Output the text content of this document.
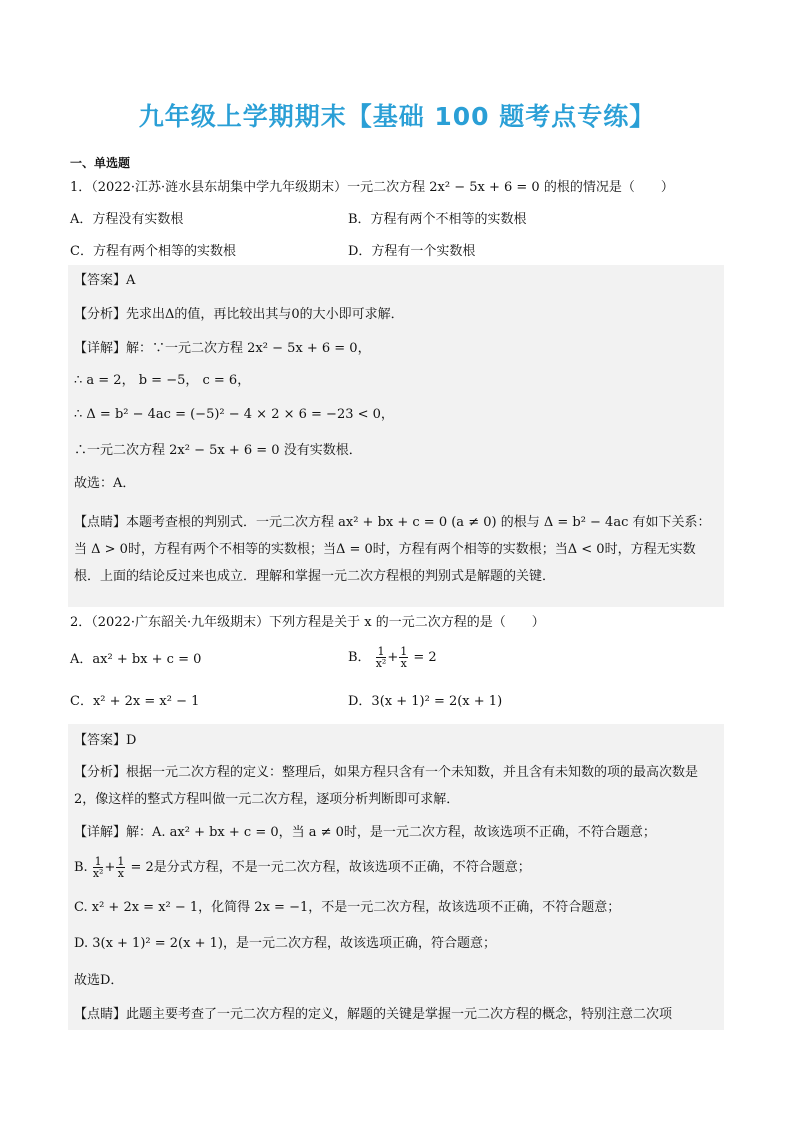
九年级上学期期末【基础 100 题考点专练】
一、单选题
1．（2022·江苏·涟水县东胡集中学九年级期末）一元二次方程 2x² − 5x + 6 = 0 的根的情况是（　　）
A．方程没有实数根	B．方程有两个不相等的实数根
C．方程有两个相等的实数根	D．方程有一个实数根
【答案】A
【分析】先求出Δ的值，再比较出其与0的大小即可求解．
【详解】解：∵一元二次方程 2x² − 5x + 6 = 0，
∴ a = 2， b = −5， c = 6，
∴ Δ = b² − 4ac = (−5)² − 4 × 2 × 6 = −23 < 0，
∴一元二次方程 2x² − 5x + 6 = 0 没有实数根．
故选：A．
【点睛】本题考查根的判别式．一元二次方程 ax² + bx + c = 0 (a ≠ 0) 的根与 Δ = b² − 4ac 有如下关系：当 Δ > 0时，方程有两个不相等的实数根；当Δ = 0时，方程有两个相等的实数根；当Δ < 0时，方程无实数根．上面的结论反过来也成立．理解和掌握一元二次方程根的判别式是解题的关键．
2．（2022·广东韶关·九年级期末）下列方程是关于 x 的一元二次方程的是（　　）
A．ax² + bx + c = 0	B． $\frac{1}{\text{x²}} + \frac{1}{x} = 2$
C．x² + 2x = x² − 1	D．3(x + 1)² = 2(x + 1)
【答案】D
【分析】根据一元二次方程的定义：整理后，如果方程只含有一个未知数，并且含有未知数的项的最高次数是 2，像这样的整式方程叫做一元二次方程，逐项分析判断即可求解．
【详解】解：A. ax² + bx + c = 0，当 a ≠ 0时，是一元二次方程，故该选项不正确，不符合题意；
B. $\frac{1}{\text{x²}} + \frac{1}{x} = 2$是分式方程，不是一元二次方程，故该选项不正确，不符合题意；
C. x² + 2x = x² − 1，化简得 2x = −1，不是一元二次方程，故该选项不正确，不符合题意；
D. 3(x + 1)² = 2(x + 1)，是一元二次方程，故该选项正确，符合题意；
故选D．
【点睛】此题主要考查了一元二次方程的定义，解题的关键是掌握一元二次方程的概念，特别注意二次项
